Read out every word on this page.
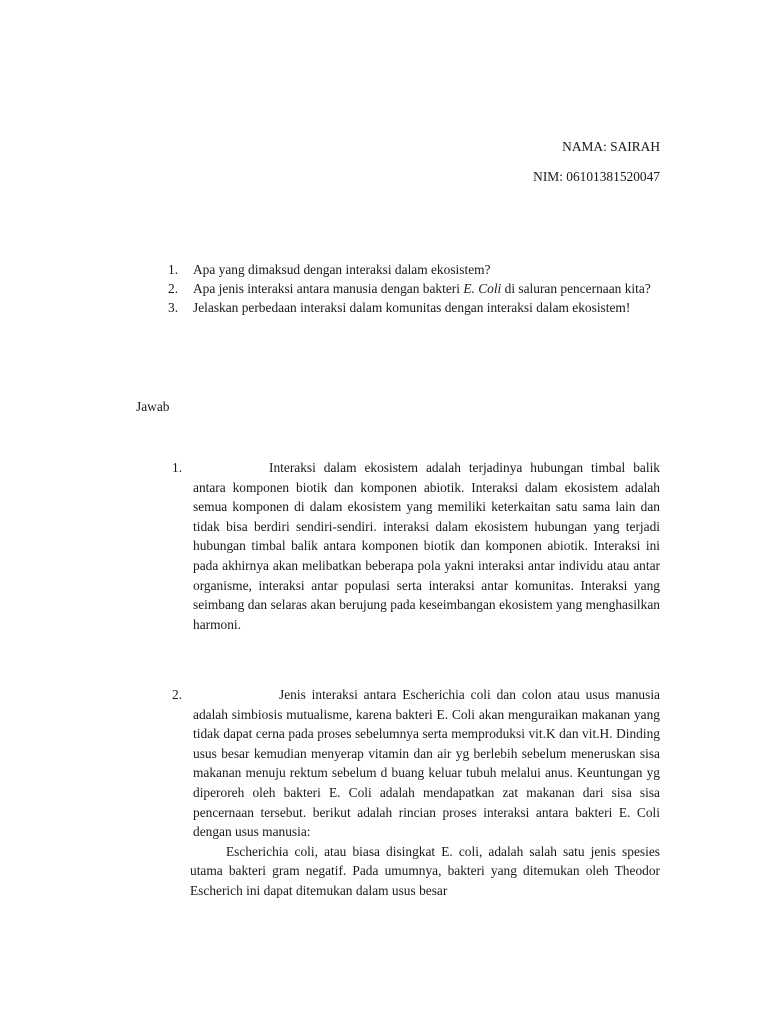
NAMA: SAIRAH

NIM: 06101381520047

1. Apa yang dimaksud dengan interaksi dalam ekosistem?
2. Apa jenis interaksi antara manusia dengan bakteri E. Coli di saluran pencernaan kita?
3. Jelaskan perbedaan interaksi dalam komunitas dengan interaksi dalam ekosistem!

Jawab

1.	Interaksi dalam ekosistem adalah terjadinya hubungan timbal balik antara komponen biotik dan komponen abiotik. Interaksi dalam ekosistem adalah semua komponen di dalam ekosistem yang memiliki keterkaitan satu sama lain dan tidak bisa berdiri sendiri-sendiri. interaksi dalam ekosistem hubungan yang terjadi hubungan timbal balik antara komponen biotik dan komponen abiotik. Interaksi ini pada akhirnya akan melibatkan beberapa pola yakni interaksi antar individu atau antar organisme, interaksi antar populasi serta interaksi antar komunitas. Interaksi yang seimbang dan selaras akan berujung pada keseimbangan ekosistem yang menghasilkan harmoni.

2.	Jenis interaksi antara Escherichia coli dan colon atau usus manusia adalah simbiosis mutualisme, karena bakteri E. Coli akan menguraikan makanan yang tidak dapat cerna pada proses sebelumnya serta memproduksi vit.K dan vit.H. Dinding usus besar kemudian menyerap vitamin dan air yg berlebih sebelum meneruskan sisa makanan menuju rektum sebelum d buang keluar tubuh melalui anus. Keuntungan yg diperoreh oleh bakteri E. Coli adalah mendapatkan zat makanan dari sisa sisa pencernaan tersebut. berikut adalah rincian proses interaksi antara bakteri E. Coli dengan usus manusia:

Escherichia coli, atau biasa disingkat E. coli, adalah salah satu jenis spesies utama bakteri gram negatif. Pada umumnya, bakteri yang ditemukan oleh Theodor Escherich ini dapat ditemukan dalam usus besar
